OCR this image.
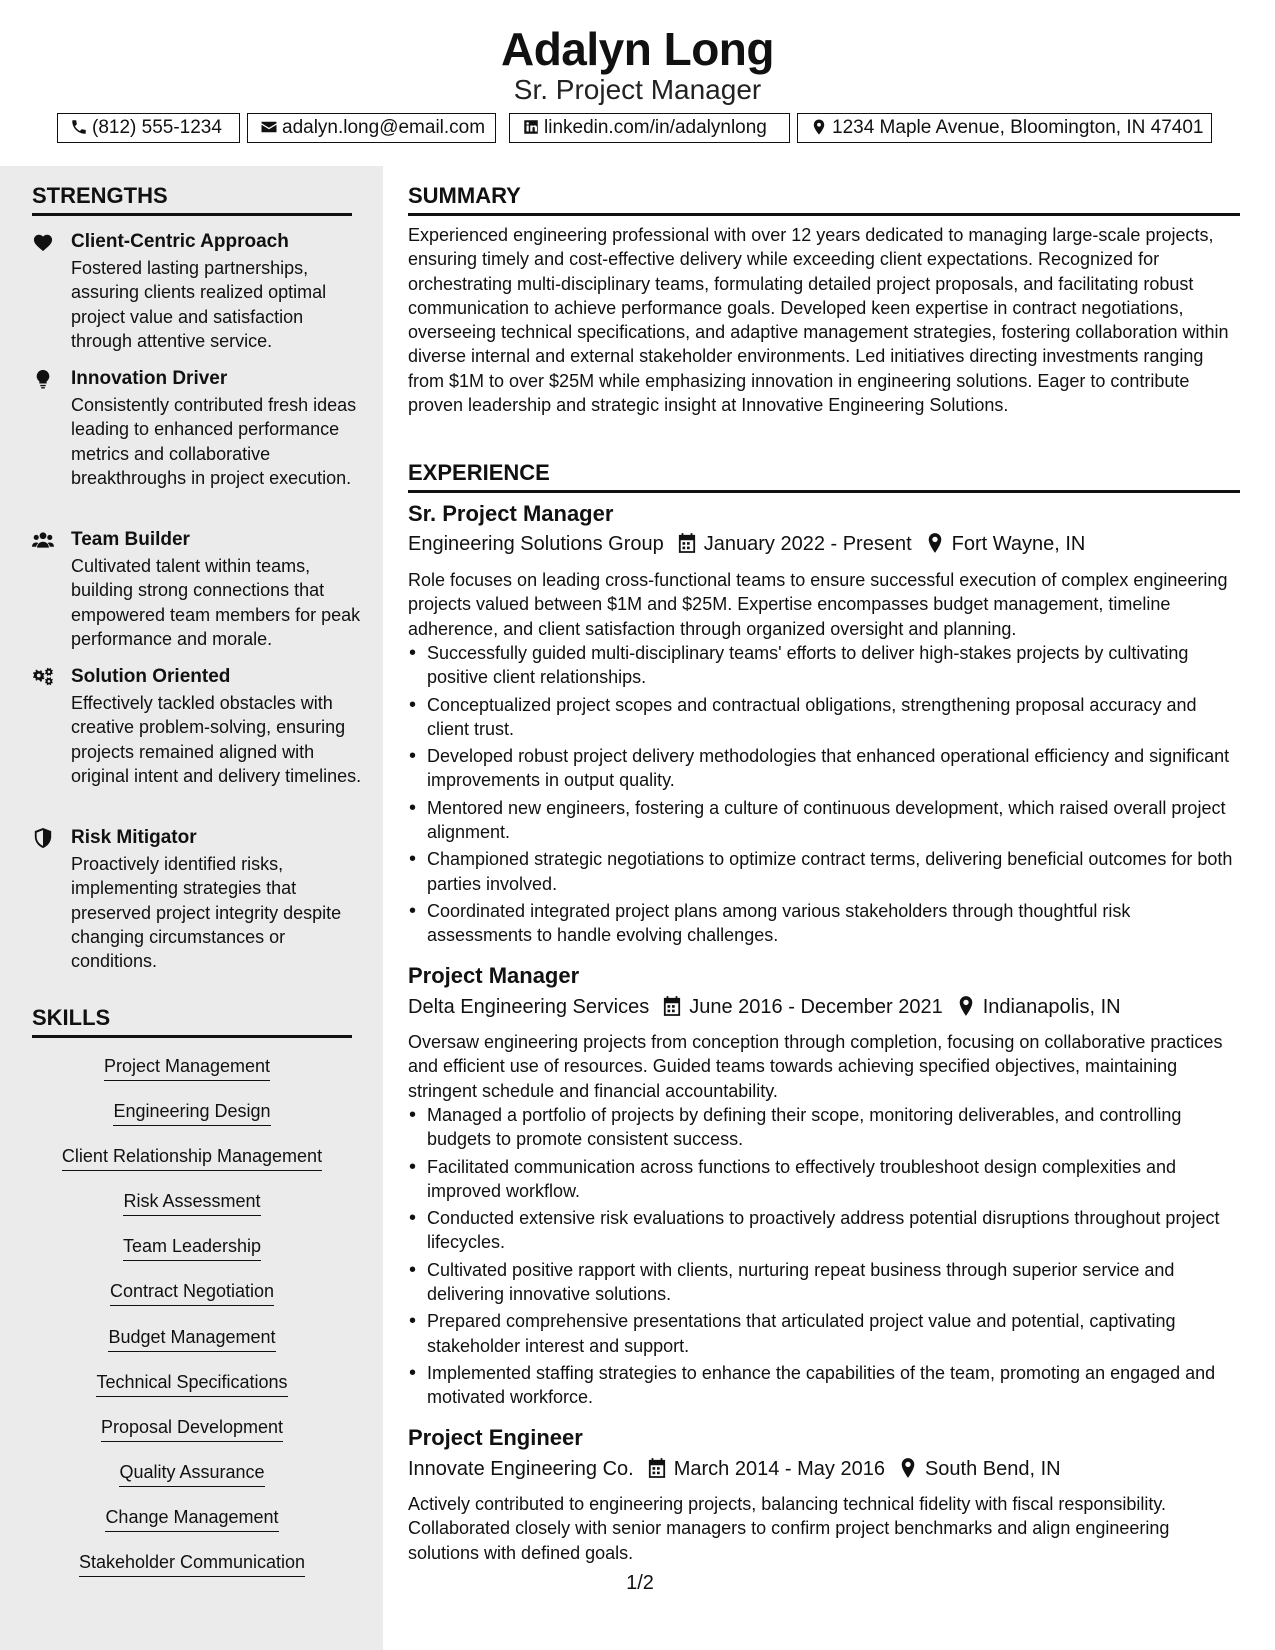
Adalyn Long
Sr. Project Manager
(812) 555-1234	adalyn.long@email.com	linkedin.com/in/adalynlong	1234 Maple Avenue, Bloomington, IN 47401
STRENGTHS
Client-Centric Approach
Fostered lasting partnerships, assuring clients realized optimal project value and satisfaction through attentive service.
Innovation Driver
Consistently contributed fresh ideas leading to enhanced performance metrics and collaborative breakthroughs in project execution.
Team Builder
Cultivated talent within teams, building strong connections that empowered team members for peak performance and morale.
Solution Oriented
Effectively tackled obstacles with creative problem-solving, ensuring projects remained aligned with original intent and delivery timelines.
Risk Mitigator
Proactively identified risks, implementing strategies that preserved project integrity despite changing circumstances or conditions.
SKILLS
Project Management
Engineering Design
Client Relationship Management
Risk Assessment
Team Leadership
Contract Negotiation
Budget Management
Technical Specifications
Proposal Development
Quality Assurance
Change Management
Stakeholder Communication
SUMMARY
Experienced engineering professional with over 12 years dedicated to managing large-scale projects, ensuring timely and cost-effective delivery while exceeding client expectations. Recognized for orchestrating multi-disciplinary teams, formulating detailed project proposals, and facilitating robust communication to achieve performance goals. Developed keen expertise in contract negotiations, overseeing technical specifications, and adaptive management strategies, fostering collaboration within diverse internal and external stakeholder environments. Led initiatives directing investments ranging from $1M to over $25M while emphasizing innovation in engineering solutions. Eager to contribute proven leadership and strategic insight at Innovative Engineering Solutions.
EXPERIENCE
Sr. Project Manager
Engineering Solutions Group January 2022 - Present Fort Wayne, IN
Role focuses on leading cross-functional teams to ensure successful execution of complex engineering projects valued between $1M and $25M. Expertise encompasses budget management, timeline adherence, and client satisfaction through organized oversight and planning.
• Successfully guided multi-disciplinary teams' efforts to deliver high-stakes projects by cultivating positive client relationships.
• Conceptualized project scopes and contractual obligations, strengthening proposal accuracy and client trust.
• Developed robust project delivery methodologies that enhanced operational efficiency and significant improvements in output quality.
• Mentored new engineers, fostering a culture of continuous development, which raised overall project alignment.
• Championed strategic negotiations to optimize contract terms, delivering beneficial outcomes for both parties involved.
• Coordinated integrated project plans among various stakeholders through thoughtful risk assessments to handle evolving challenges.
Project Manager
Delta Engineering Services June 2016 - December 2021 Indianapolis, IN
Oversaw engineering projects from conception through completion, focusing on collaborative practices and efficient use of resources. Guided teams towards achieving specified objectives, maintaining stringent schedule and financial accountability.
• Managed a portfolio of projects by defining their scope, monitoring deliverables, and controlling budgets to promote consistent success.
• Facilitated communication across functions to effectively troubleshoot design complexities and improved workflow.
• Conducted extensive risk evaluations to proactively address potential disruptions throughout project lifecycles.
• Cultivated positive rapport with clients, nurturing repeat business through superior service and delivering innovative solutions.
• Prepared comprehensive presentations that articulated project value and potential, captivating stakeholder interest and support.
• Implemented staffing strategies to enhance the capabilities of the team, promoting an engaged and motivated workforce.
Project Engineer
Innovate Engineering Co. March 2014 - May 2016 South Bend, IN
Actively contributed to engineering projects, balancing technical fidelity with fiscal responsibility. Collaborated closely with senior managers to confirm project benchmarks and align engineering solutions with defined goals.
1/2
